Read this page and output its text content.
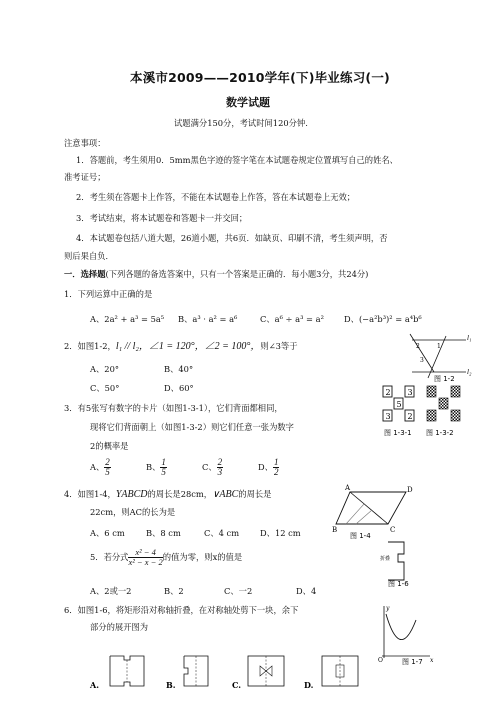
本溪市2009——2010学年(下)毕业练习(一)
数学试题
试题满分150分，考试时间120分钟.
注意事项：
1．答题前，考生须用0．5mm黑色字迹的签字笔在本试题卷规定位置填写自己的姓名、
准考证号；
2．考生须在答题卡上作答，不能在本试题卷上作答，答在本试题卷上无效；
3．考试结束，将本试题卷和答题卡一并交回；
4．本试题卷包括八道大题，26道小题，共6页．如缺页、印刷不清，考生须声明，否
则后果自负．
一．选择题(下列各题的备选答案中，只有一个答案是正确的．每小题3分，共24分)
1．下列运算中正确的是
A、2a² + a³ = 5a⁵ B、a³ · a² = a⁶	C、a⁶ ÷ a³ = a² D、(−a²b³)² = a⁴b⁶
2．如图1-2，l₁ // l₂，∠1 = 120°，∠2 = 100°，则∠3等于
A、20°	B、40°
C、50°	D、60°
3．有5张写有数字的卡片（如图1-3-1），它们背面都相同，
现将它们背面朝上（如图1-3-2）则它们任意一张为数字
2的概率是
A、 $\frac{2}{5}$	B、 $\frac{1}{5}$	C、 $\frac{2}{3}$	D、 $\frac{1}{2}$
4．如图1-4，ΥABCD的周长是28cm，∨ABC的周长是
22cm，则AC的长为是
A、6 cm	B、8 cm	C、4 cm	D、12 cm
5．若分式 $\frac{\text{x² − 4}}{\text{x² − x − 2}}$ 的值为零，则x的值是
A、2或一2	B、2	C、一2	D、4
6．如图1-6，将矩形沿对称轴折叠，在对称轴处剪下一块，余下
部分的展开图为
l₁
l₂
2	1
3
图 1-2
2 3
5
3 2
图 1-3-1 图 1-3-2
A
B	C
D
图 1-4
折叠
图 1-6
y
x
O	图 1-7
A.	B.	C.	D.
